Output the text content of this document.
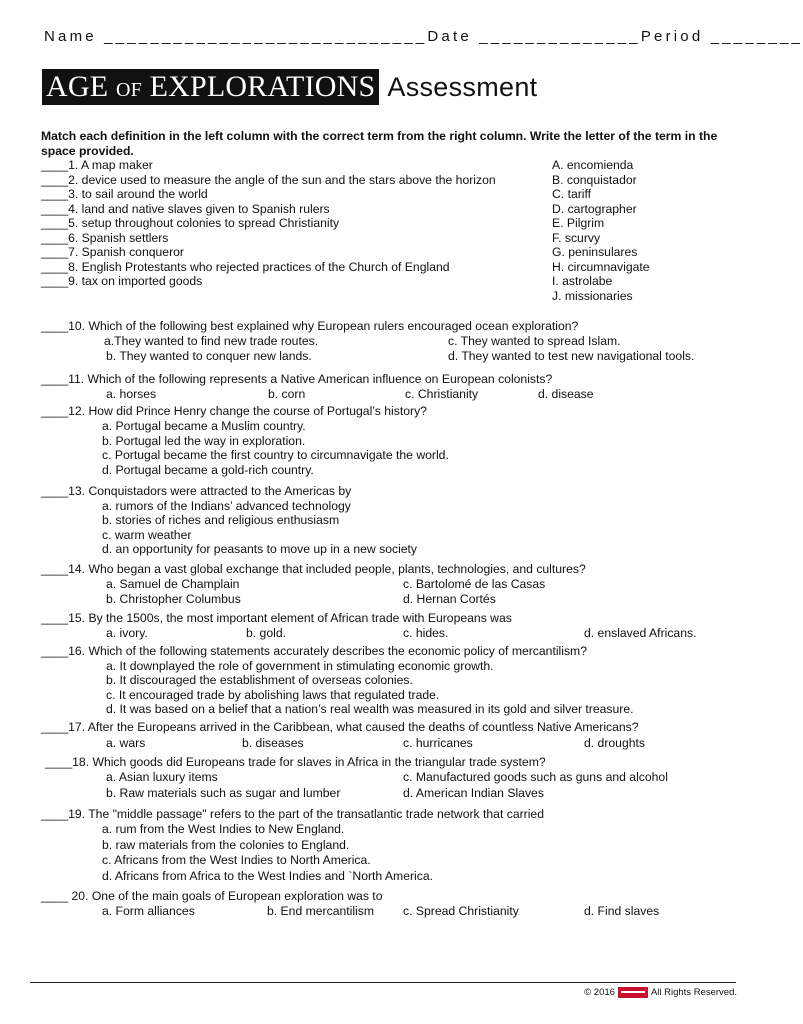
Name ____________________________Date ______________Period ________
AGE OF EXPLORATIONS Assessment
Match each definition in the left column with the correct term from the right column. Write the letter of the term in the space provided.
____1. A map maker
____2. device used to measure the angle of the sun and the stars above the horizon
____3. to sail around the world
____4. land and native slaves given to Spanish rulers
____5. setup throughout colonies to spread Christianity
____6. Spanish settlers
____7. Spanish conqueror
____8. English Protestants who rejected practices of the Church of England
____9. tax on imported goods
A. encomienda
B. conquistador
C. tariff
D. cartographer
E. Pilgrim
F. scurvy
G. peninsulares
H. circumnavigate
I. astrolabe
J. missionaries
____10. Which of the following best explained why European rulers encouraged ocean exploration?
a.They wanted to find new trade routes.
b. They wanted to conquer new lands.
c. They wanted to spread Islam.
d. They wanted to test new navigational tools.
____11. Which of the following represents a Native American influence on European colonists?
a. horses	b. corn	c. Christianity	d. disease
____12. How did Prince Henry change the course of Portugal’s history?
a. Portugal became a Muslim country.
b. Portugal led the way in exploration.
c. Portugal became the first country to circumnavigate the world.
d. Portugal became a gold-rich country.
____13. Conquistadors were attracted to the Americas by
a. rumors of the Indians’ advanced technology
b. stories of riches and religious enthusiasm
c. warm weather
d. an opportunity for peasants to move up in a new society
____14. Who began a vast global exchange that included people, plants, technologies, and cultures?
a. Samuel de Champlain
b. Christopher Columbus
c. Bartolomé de las Casas
d. Hernan Cortés
____15. By the 1500s, the most important element of African trade with Europeans was
a. ivory.	b. gold.	c. hides.	d. enslaved Africans.
____16. Which of the following statements accurately describes the economic policy of mercantilism?
a. It downplayed the role of government in stimulating economic growth.
b. It discouraged the establishment of overseas colonies.
c. It encouraged trade by abolishing laws that regulated trade.
d. It was based on a belief that a nation’s real wealth was measured in its gold and silver treasure.
____17. After the Europeans arrived in the Caribbean, what caused the deaths of countless Native Americans?
a. wars	b. diseases	c. hurricanes	d. droughts
____18. Which goods did Europeans trade for slaves in Africa in the triangular trade system?
a. Asian luxury items
b. Raw materials such as sugar and lumber
c. Manufactured goods such as guns and alcohol
d. American Indian Slaves
____19. The "middle passage" refers to the part of the transatlantic trade network that carried
a. rum from the West Indies to New England.
b. raw materials from the colonies to England.
c. Africans from the West Indies to North America.
d. Africans from Africa to the West Indies and `North America.
____ 20. One of the main goals of European exploration was to
a. Form alliances	b. End mercantilism c. Spread Christianity	d. Find slaves
© 2016	All Rights Reserved.
